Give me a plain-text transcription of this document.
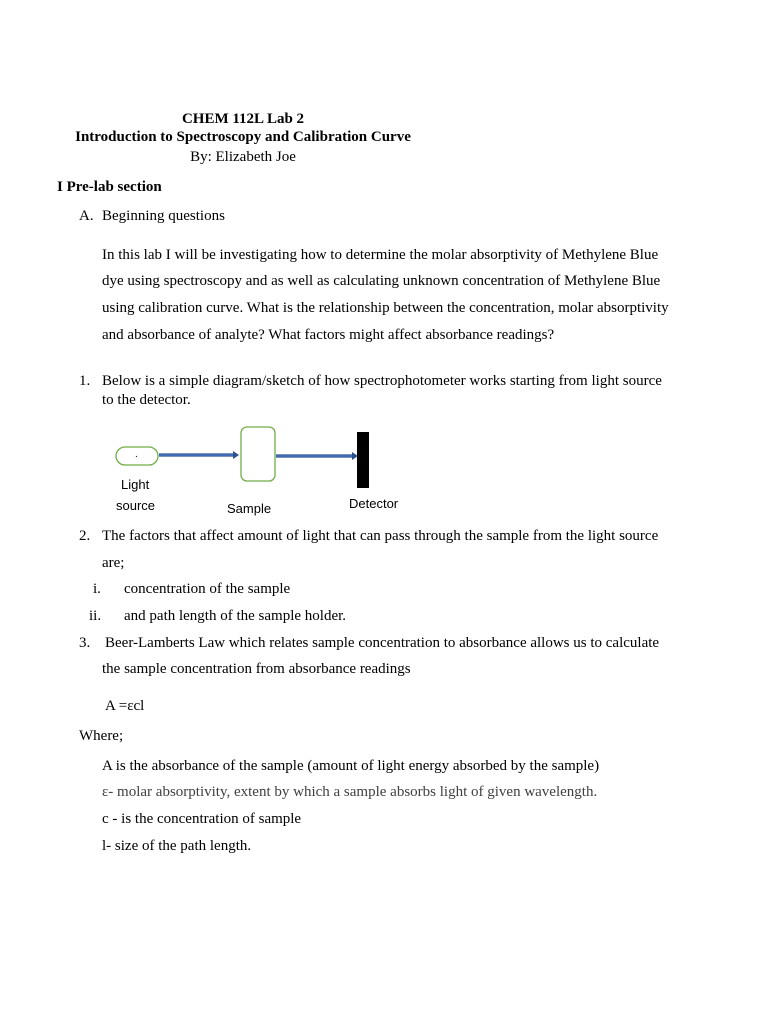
CHEM 112L Lab 2
Introduction to Spectroscopy and Calibration Curve
By: Elizabeth Joe
I Pre-lab section
A. Beginning questions
In this lab I will be investigating how to determine the molar absorptivity of Methylene Blue
dye using spectroscopy and as well as calculating unknown concentration of Methylene Blue
using calibration curve. What is the relationship between the concentration, molar absorptivity
and absorbance of analyte? What factors might affect absorbance readings?
1. Below is a simple diagram/sketch of how spectrophotometer works starting from light source
to the detector.
.
Light
source	Sample	Detector
2. The factors that affect amount of light that can pass through the sample from the light source
are;
i. concentration of the sample
ii. and path length of the sample holder.
3. Beer-Lamberts Law which relates sample concentration to absorbance allows us to calculate
the sample concentration from absorbance readings
A =εcl
Where;
A is the absorbance of the sample (amount of light energy absorbed by the sample)
ε- molar absorptivity, extent by which a sample absorbs light of given wavelength.
c - is the concentration of sample
l- size of the path length.
